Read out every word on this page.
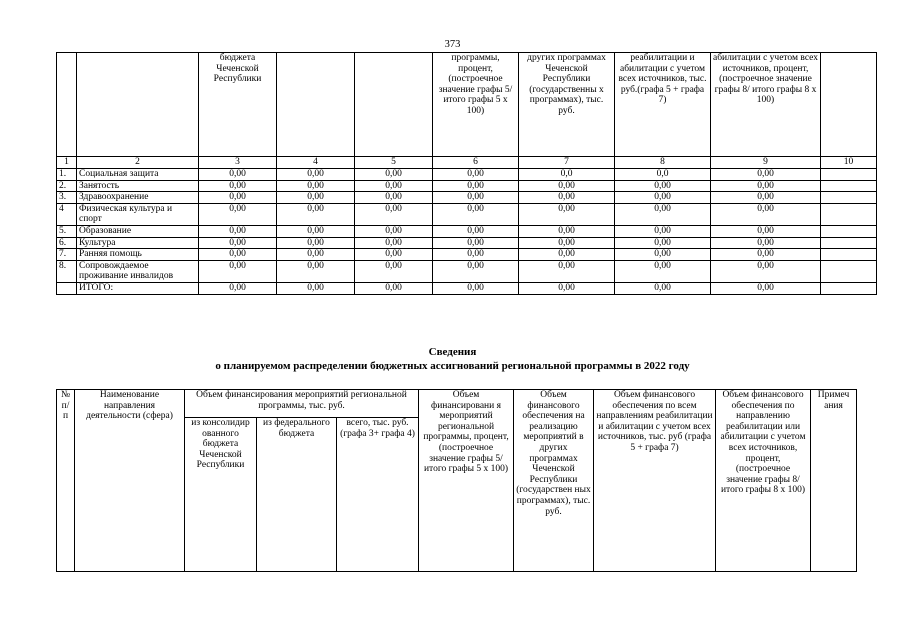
373
		бюджета Чеченской Республики			программы, процент, (построечное значение графы 5/ итого графы 5 х 100)	других программах Чеченской Республики (государственны х программах), тыс. руб.	реабилитации и абилитации с учетом всех источников, тыс. руб.(графа 5 + графа 7)	абилитации с учетом всех источников, процент, (построечное значение графы 8/ итого графы 8 х 100)	
1	2	3	4	5	6	7	8	9	10
1.	Социальная защита	0,00	0,00	0,00	0,00	0,0	0,0	0,00	
2.	Занятость	0,00	0,00	0,00	0,00	0,00	0,00	0,00	
3.	Здравоохранение	0,00	0,00	0,00	0,00	0,00	0,00	0,00	
4	Физическая культура и спорт	0,00	0,00	0,00	0,00	0,00	0,00	0,00	
5.	Образование	0,00	0,00	0,00	0,00	0,00	0,00	0,00	
6.	Культура	0,00	0,00	0,00	0,00	0,00	0,00	0,00	
7.	Ранняя помощь	0,00	0,00	0,00	0,00	0,00	0,00	0,00	
8.	Сопровождаемое проживание инвалидов	0,00	0,00	0,00	0,00	0,00	0,00	0,00	
	ИТОГО:	0,00	0,00	0,00	0,00	0,00	0,00	0,00	
Сведения
о планируемом распределении бюджетных ассигнований региональной программы в 2022 году
№ п/ п	Наименование направления деятельности (сфера)	Объем финансирования мероприятий региональной программы, тыс. руб.			Объем финансировани я мероприятий региональной программы, процент, (построечное значение графы 5/ итого графы 5 х 100)	Объем финансового обеспечения на реализацию мероприятий в других программах Чеченской Республики (государствен ных программах), тыс. руб.	Объем финансового обеспечения по всем направлениям реабилитации и абилитации с учетом всех источников, тыс. руб (графа 5 + графа 7)	Объем финансового обеспечения по направлению реабилитации или абилитации с учетом всех источников, процент, (построечное значение графы 8/ итого графы 8 х 100)	Примеч ания
		из консолидир ованного бюджета Чеченской Республики	из федерального бюджета	всего, тыс. руб. (графа 3+ графа 4)					
